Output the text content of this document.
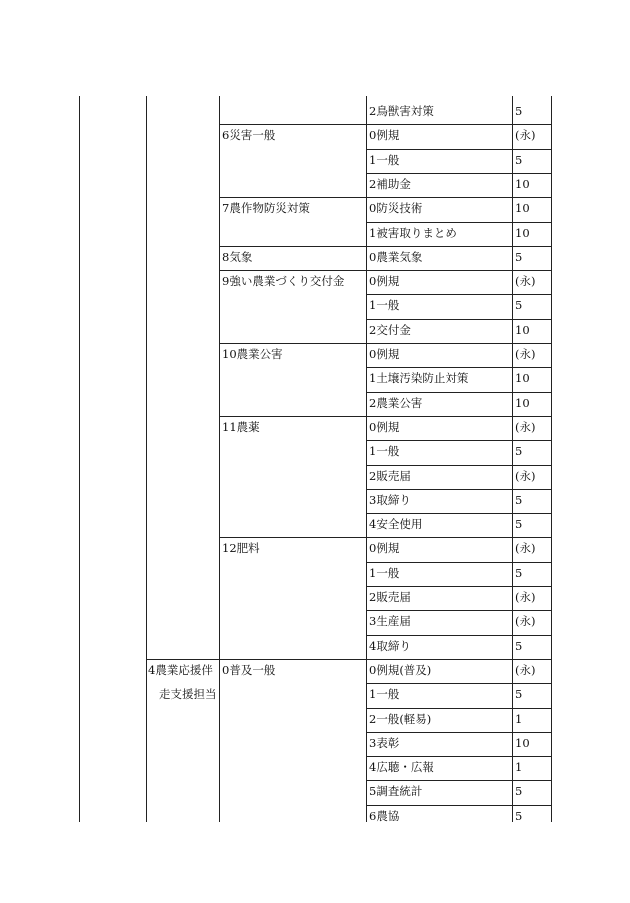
2鳥獣害対策	5
6災害一般	0例規	(永)
1一般	5
2補助金	10
7農作物防災対策	0防災技術	10
1被害取りまとめ	10
8気象	0農業気象	5
9強い農業づくり交付金 0例規	(永)
1一般	5
2交付金	10
10農業公害	0例規	(永)
1土壌汚染防止対策	10
2農業公害	10
11農薬	0例規	(永)
1一般	5
2販売届	(永)
3取締り	5
4安全使用	5
12肥料	0例規	(永)
1一般	5
2販売届	(永)
3生産届	(永)
4取締り	5
4農業応援伴
走支援担当
0普及一般	0例規(普及)	(永)
1一般	5
2一般(軽易)	1
3表彰	10
4広聴・広報	1
5調査統計	5
6農協	5
